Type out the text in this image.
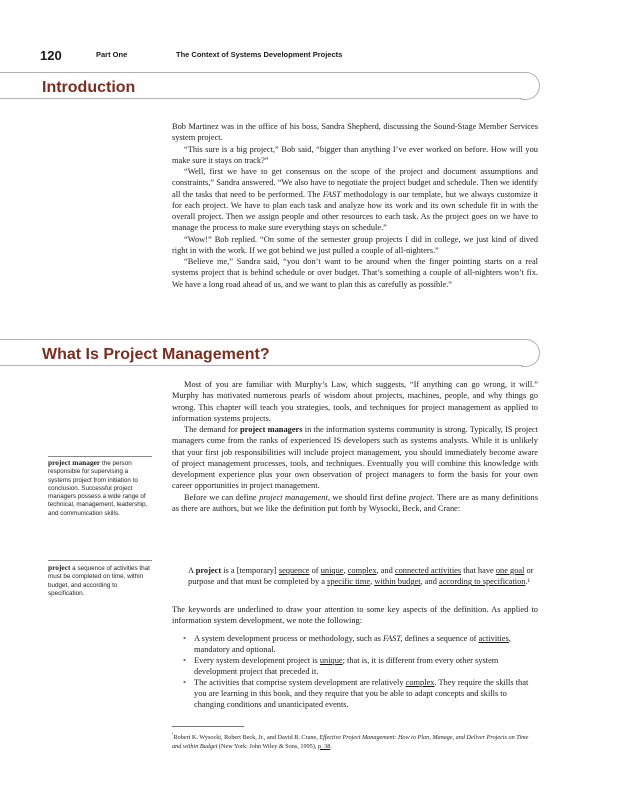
120	Part One	The Context of Systems Development Projects
Introduction

Bob Martinez was in the office of his boss, Sandra Shepherd, discussing the Sound-Stage Member Services system project.

“This sure is a big project,” Bob said, “bigger than anything I’ve ever worked on before. How will you make sure it stays on track?”

“Well, first we have to get consensus on the scope of the project and document assumptions and constraints,” Sandra answered. “We also have to negotiate the project budget and schedule. Then we identify all the tasks that need to be performed. The FAST methodology is our template, but we always customize it for each project. We have to plan each task and analyze how its work and its own schedule fit in with the overall project. Then we assign people and other resources to each task. As the project goes on we have to manage the process to make sure everything stays on schedule.”

“Wow!” Bob replied. “On some of the semester group projects I did in college, we just kind of dived right in with the work. If we got behind we just pulled a couple of all-nighters.”

“Believe me,” Sandra said, “you don’t want to be around when the finger pointing starts on a real systems project that is behind schedule or over budget. That’s something a couple of all-nighters won’t fix. We have a long road ahead of us, and we want to plan this as carefully as possible.”

What Is Project Management?

Most of you are familiar with Murphy’s Law, which suggests, “If anything can go wrong, it will.” Murphy has motivated numerous pearls of wisdom about projects, machines, people, and why things go wrong. This chapter will teach you strategies, tools, and techniques for project management as applied to information systems projects.

The demand for project managers in the information systems community is strong. Typically, IS project managers come from the ranks of experienced IS developers such as systems analysts. While it is unlikely that your first job responsibilities will include project management, you should immediately become aware of project management processes, tools, and techniques. Eventually you will combine this knowledge with development experience plus your own observation of project managers to form the basis for your own career opportunities in project management.

Before we can define project management, we should first define project. There are as many definitions as there are authors, but we like the definition put forth by Wysocki, Beck, and Crane:

A project is a [temporary] sequence of unique, complex, and connected activities that have one goal or purpose and that must be completed by a specific time, within budget, and according to specification.¹

The keywords are underlined to draw your attention to some key aspects of the definition. As applied to information system development, we note the following:

• A system development process or methodology, such as FAST, defines a sequence of activities, mandatory and optional.
• Every system development project is unique; that is, it is different from every other system development project that preceded it.
• The activities that comprise system development are relatively complex. They require the skills that you are learning in this book, and they require that you be able to adapt concepts and skills to changing conditions and unanticipated events.
project manager the person responsible for supervising a systems project from initiation to conclusion. Successful project managers possess a wide range of technical, management, leadership, and communication skills.
project a sequence of activities that must be completed on time, within budget, and according to specification.
$^{^1}$Robert K. Wysocki, Robert Beck, Jr., and David B. Crane, Effective Project Management: How to Plan, Manage, and Deliver Projects on Time and within Budget (New York: John Wiley & Sons, 1995), p. 38.
